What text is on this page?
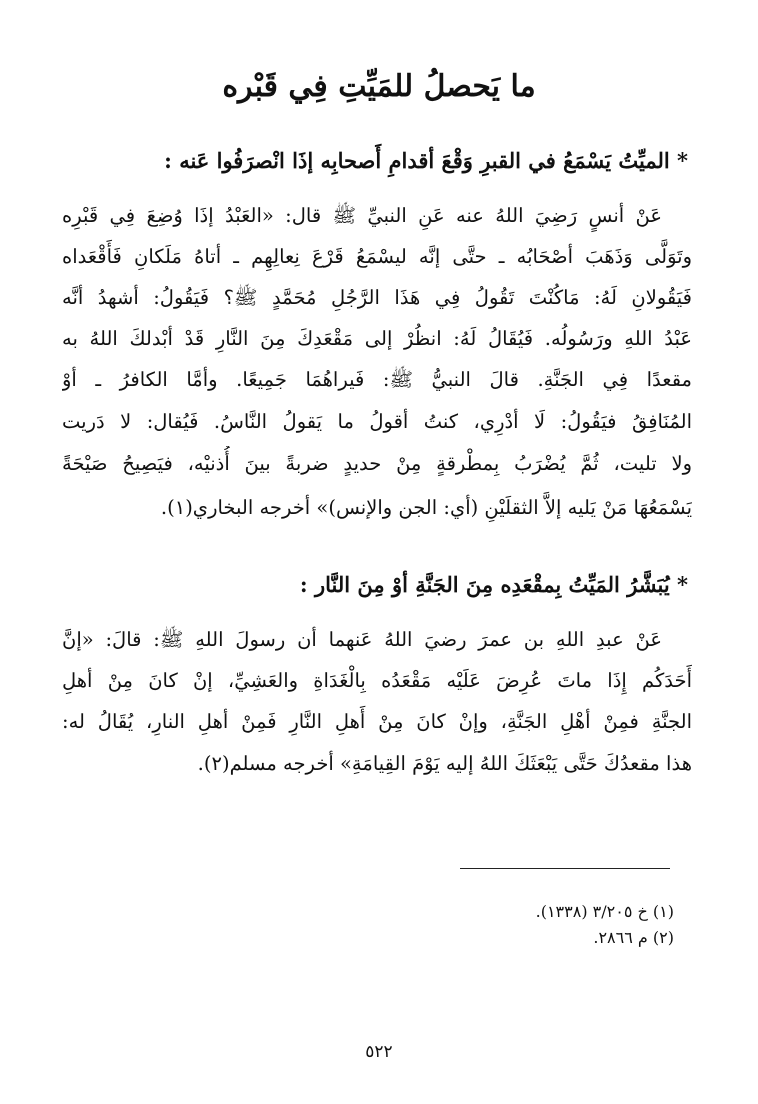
ما يَحصلُ للمَيِّتِ فِي قَبْره
* الميِّتُ يَسْمَعُ في القبرِ وَقْعَ أقدامِ أَصحابِه إذَا انْصرَفُوا عَنه :
عَنْ أنسٍ رَضِيَ اللهُ عنه عَنِ النبيِّ ﷺ قال: «العَبْدُ إذَا وُضِعَ فِي قَبْرِه
وتَوَلَّى وَذَهَبَ أصْحَابُه ـ حتَّى إنَّه ليسْمَعُ قَرْعَ نِعالِهِم ـ أتاهُ مَلَكانِ فَأَقْعَداه
فَيَقُولانِ لَهُ: مَاكُنْتَ تَقُولُ فِي هَذَا الرَّجُلِ مُحَمَّدٍ ﷺ؟ فَيَقُولُ: أشهدُ أنَّه
عَبْدُ اللهِ ورَسُولُه. فَيُقَالُ لَهُ: انظُرْ إلى مَقْعَدِكَ مِنَ النَّارِ قَدْ أبْدلكَ اللهُ به
مقعدًا فِي الجَنَّةِ. قالَ النبيُّ ﷺ: فَيراهُمَا جَمِيعًا. وأمَّا الكافرُ ـ أوْ
المُنَافِقُ فيَقُولُ: لَا أدْرِي، كنتُ أقولُ ما يَقولُ النَّاسُ. فَيُقال: لا دَريت
ولا تليت، ثُمَّ يُضْرَبُ بِمطْرقةٍ مِنْ حديدٍ ضربةً بينَ أُذنيْه، فيَصِيحُ صَيْحَةً
يَسْمَعُهَا مَنْ يَليه إلاَّ الثقلَيْنِ (أي: الجن والإنس)» أخرجه البخاري(١).
* يُبَشَّرُ المَيِّتُ بِمقْعَدِه مِنَ الجَنَّةِ أوْ مِنَ النَّار :
عَنْ عبدِ اللهِ بن عمرَ رضيَ اللهُ عَنهما أن رسولَ اللهِ ﷺ: قالَ: «إنَّ
أَحَدَكُم إِذَا ماتَ عُرِضَ عَلَيْه مَقْعَدُه بِالْغَدَاةِ والعَشِيِّ، إنْ كانَ مِنْ أهلِ
الجنَّةِ فمِنْ أهْلِ الجَنَّةِ، وإنْ كانَ مِنْ أَهلِ النَّارِ فَمِنْ أهلِ النارِ، يُقَالُ له:
هذا مقعدُكَ حَتَّى يَبْعَثَكَ اللهُ إليه يَوْمَ القِيامَةِ» أخرجه مسلم(٢).
(١) خ ٣/٢٠٥ (١٣٣٨).
(٢) م ٢٨٦٦.
٥٢٢
